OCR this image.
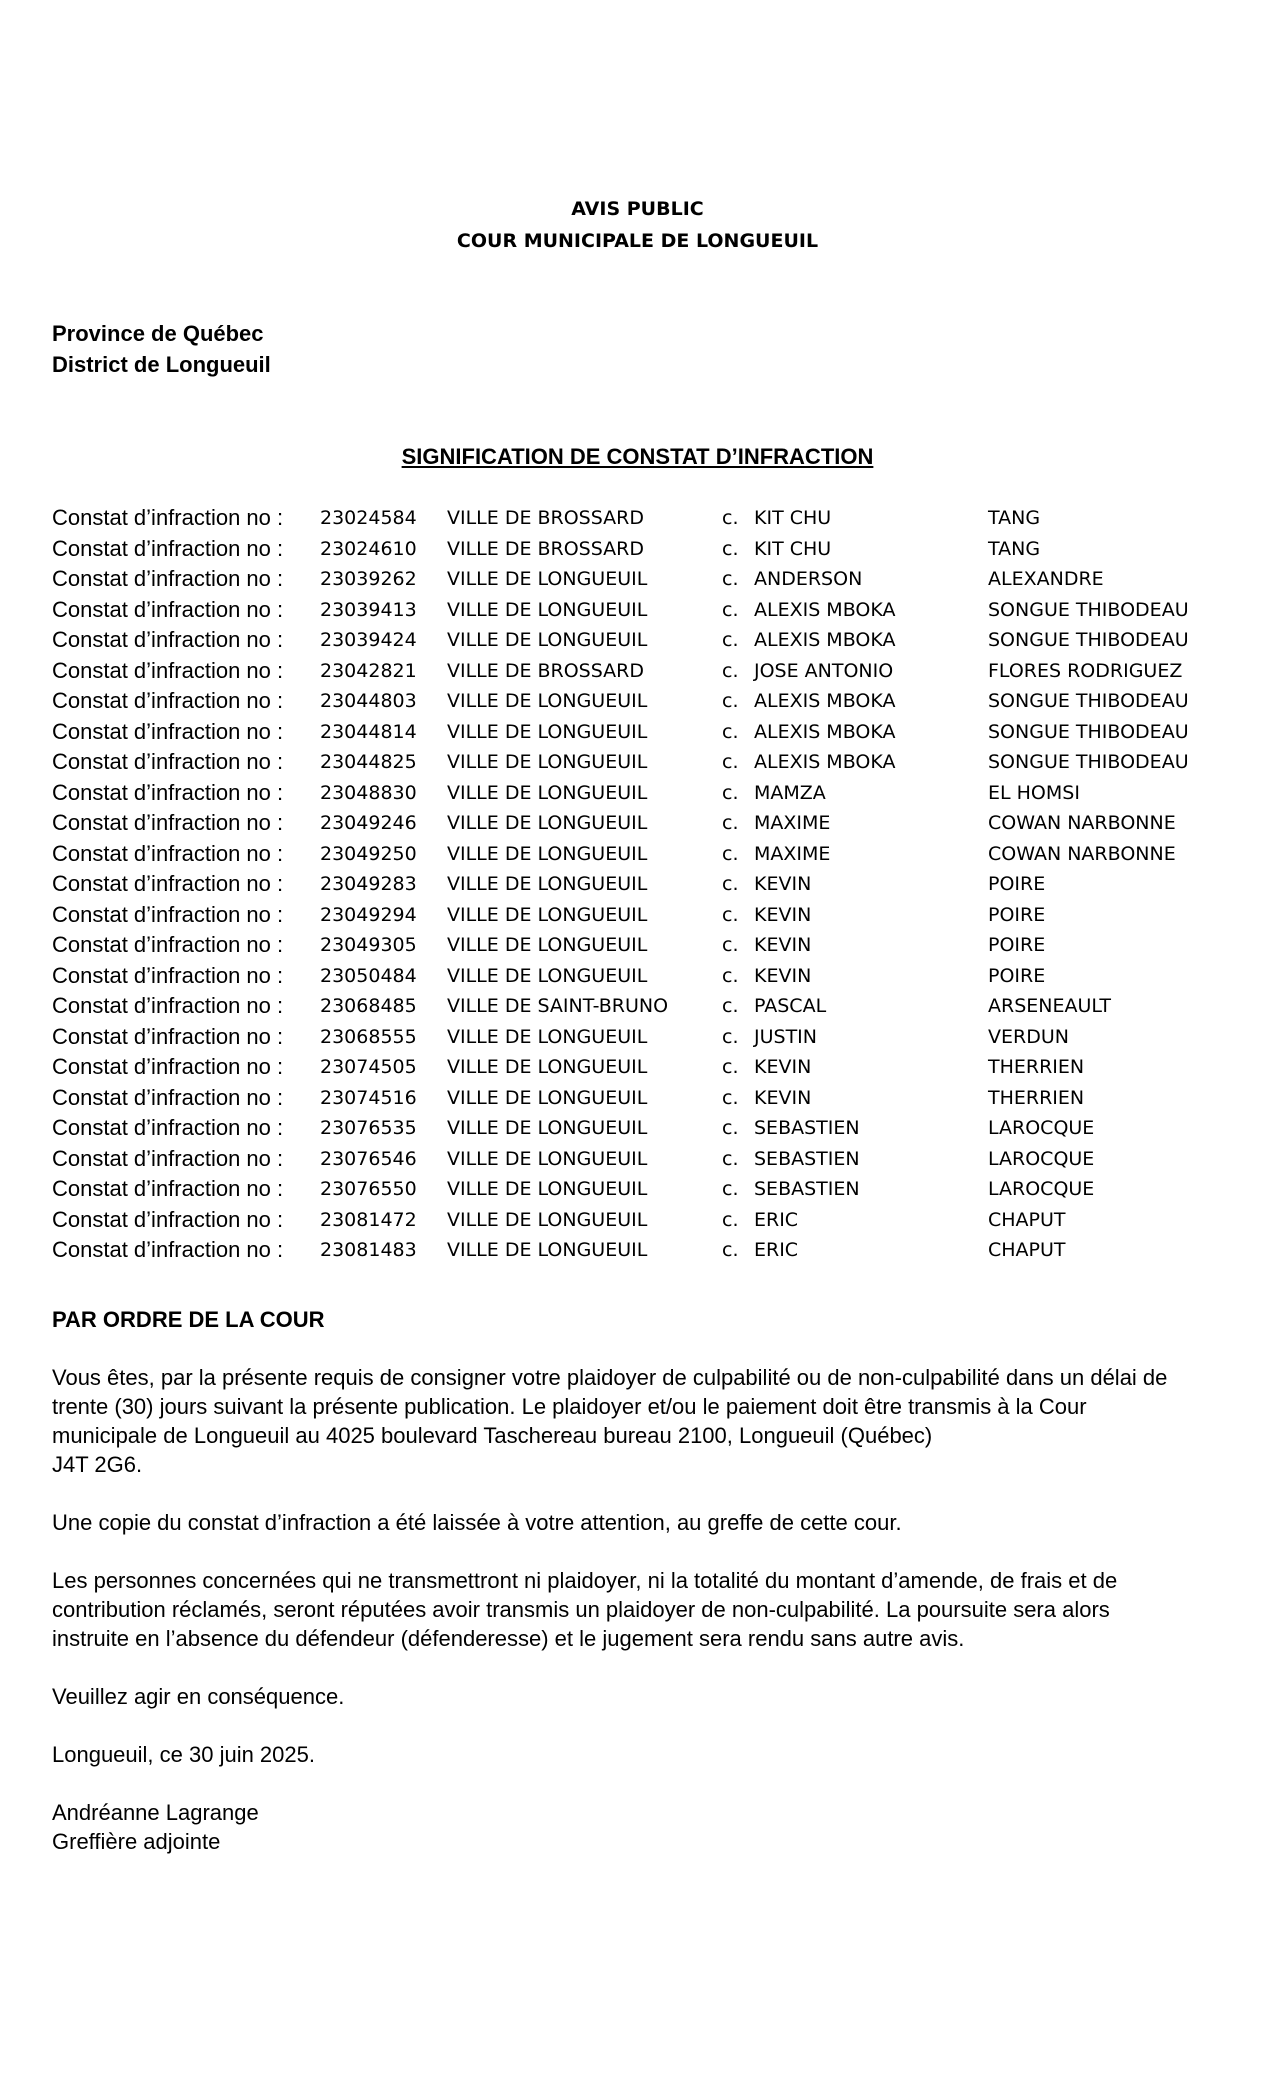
AVIS PUBLIC
COUR MUNICIPALE DE LONGUEUIL
Province de Québec
District de Longueuil
SIGNIFICATION DE CONSTAT D’INFRACTION
Constat d’infraction no : 23024584 VILLE DE BROSSARD	c. KIT CHU	TANG
Constat d’infraction no : 23024610 VILLE DE BROSSARD	c. KIT CHU	TANG
Constat d’infraction no : 23039262 VILLE DE LONGUEUIL	c. ANDERSON	ALEXANDRE
Constat d’infraction no : 23039413 VILLE DE LONGUEUIL	c. ALEXIS MBOKA	SONGUE THIBODEAU
Constat d’infraction no : 23039424 VILLE DE LONGUEUIL	c. ALEXIS MBOKA	SONGUE THIBODEAU
Constat d’infraction no : 23042821 VILLE DE BROSSARD	c. JOSE ANTONIO	FLORES RODRIGUEZ
Constat d’infraction no : 23044803 VILLE DE LONGUEUIL	c. ALEXIS MBOKA	SONGUE THIBODEAU
Constat d’infraction no : 23044814 VILLE DE LONGUEUIL	c. ALEXIS MBOKA	SONGUE THIBODEAU
Constat d’infraction no : 23044825 VILLE DE LONGUEUIL	c. ALEXIS MBOKA	SONGUE THIBODEAU
Constat d’infraction no : 23048830 VILLE DE LONGUEUIL	c. MAMZA	EL HOMSI
Constat d’infraction no : 23049246 VILLE DE LONGUEUIL	c. MAXIME	COWAN NARBONNE
Constat d’infraction no : 23049250 VILLE DE LONGUEUIL	c. MAXIME	COWAN NARBONNE
Constat d’infraction no : 23049283 VILLE DE LONGUEUIL	c. KEVIN	POIRE
Constat d’infraction no : 23049294 VILLE DE LONGUEUIL	c. KEVIN	POIRE
Constat d’infraction no : 23049305 VILLE DE LONGUEUIL	c. KEVIN	POIRE
Constat d’infraction no : 23050484 VILLE DE LONGUEUIL	c. KEVIN	POIRE
Constat d’infraction no : 23068485 VILLE DE SAINT-BRUNO	c. PASCAL	ARSENEAULT
Constat d’infraction no : 23068555 VILLE DE LONGUEUIL	c. JUSTIN	VERDUN
Constat d’infraction no : 23074505 VILLE DE LONGUEUIL	c. KEVIN	THERRIEN
Constat d’infraction no : 23074516 VILLE DE LONGUEUIL	c. KEVIN	THERRIEN
Constat d’infraction no : 23076535 VILLE DE LONGUEUIL	c. SEBASTIEN	LAROCQUE
Constat d’infraction no : 23076546 VILLE DE LONGUEUIL	c. SEBASTIEN	LAROCQUE
Constat d’infraction no : 23076550 VILLE DE LONGUEUIL	c. SEBASTIEN	LAROCQUE
Constat d’infraction no : 23081472 VILLE DE LONGUEUIL	c. ERIC	CHAPUT
Constat d’infraction no : 23081483 VILLE DE LONGUEUIL	c. ERIC	CHAPUT

PAR ORDRE DE LA COUR

Vous êtes, par la présente requis de consigner votre plaidoyer de culpabilité ou de non-culpabilité dans un délai de

trente (30) jours suivant la présente publication. Le plaidoyer et/ou le paiement doit être transmis à la Cour

municipale de Longueuil au 4025 boulevard Taschereau bureau 2100, Longueuil (Québec)

J4T 2G6.

Une copie du constat d’infraction a été laissée à votre attention, au greffe de cette cour.

Les personnes concernées qui ne transmettront ni plaidoyer, ni la totalité du montant d’amende, de frais et de

contribution réclamés, seront réputées avoir transmis un plaidoyer de non-culpabilité. La poursuite sera alors

instruite en l’absence du défendeur (défenderesse) et le jugement sera rendu sans autre avis.

Veuillez agir en conséquence.

Longueuil, ce 30 juin 2025.

Andréanne Lagrange

Greffière adjointe
